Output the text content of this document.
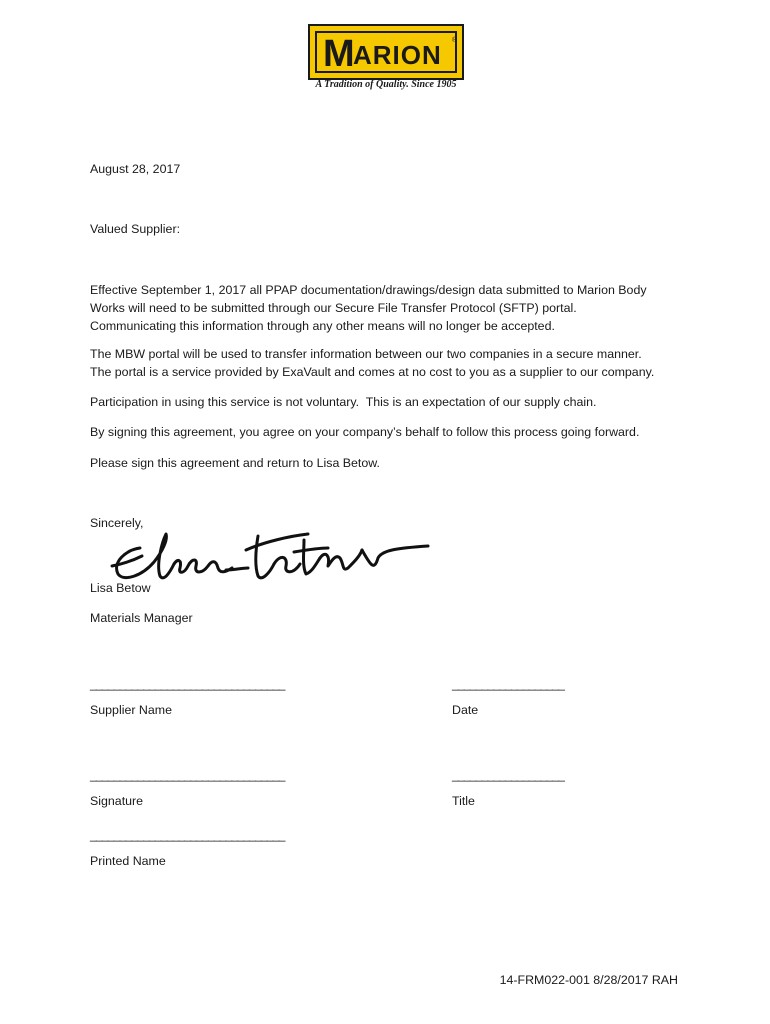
M ARION ®
A Tradition of Quality. Since 1905
August 28, 2017
Valued Supplier:
Effective September 1, 2017 all PPAP documentation/drawings/design data submitted to Marion Body
Works will need to be submitted through our Secure File Transfer Protocol (SFTP) portal.
Communicating this information through any other means will no longer be accepted.
The MBW portal will be used to transfer information between our two companies in a secure manner.
The portal is a service provided by ExaVault and comes at no cost to you as a supplier to our company.
Participation in using this service is not voluntary.  This is an expectation of our supply chain.
By signing this agreement, you agree on your company’s behalf to follow this process going forward.
Please sign this agreement and return to Lisa Betow.
Sincerely,
Lisa Betow
Materials Manager
_________________________________	___________________
Supplier Name	Date
_________________________________	___________________
Signature	Title
_________________________________
Printed Name
14-FRM022-001 8/28/2017 RAH
